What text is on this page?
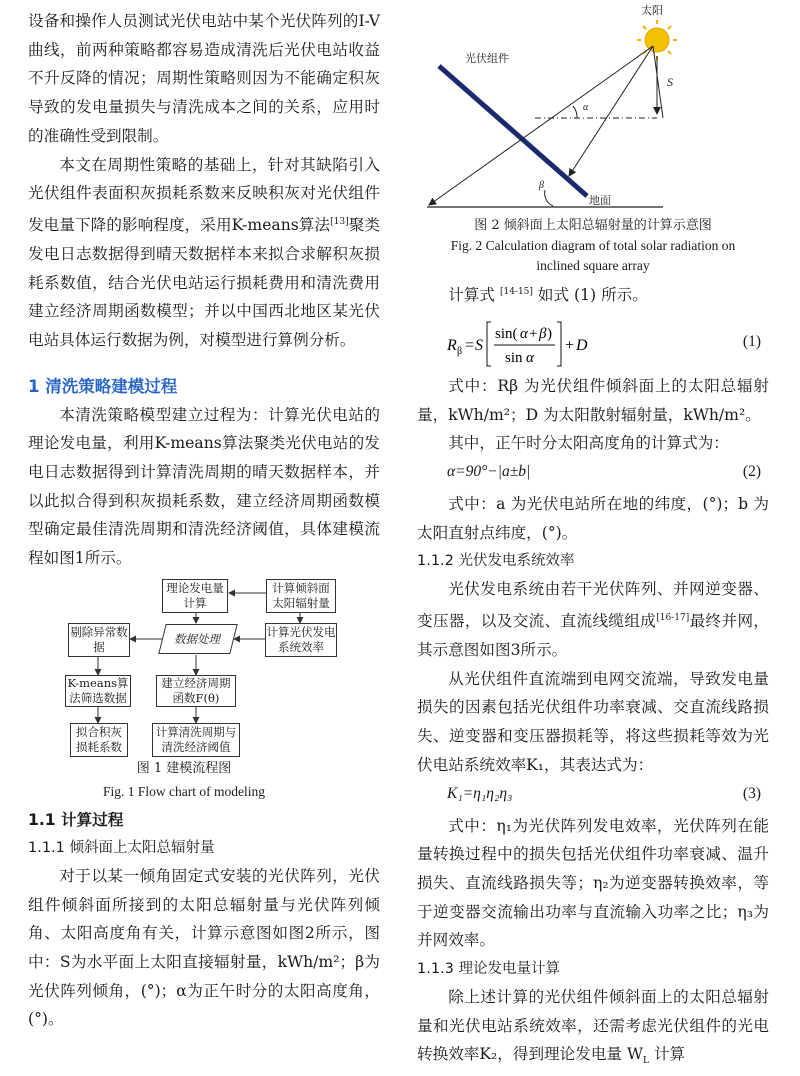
设备和操作人员测试光伏电站中某个光伏阵列的I-V曲线，前两种策略都容易造成清洗后光伏电站收益不升反降的情况；周期性策略则因为不能确定积灰导致的发电量损失与清洗成本之间的关系，应用时的准确性受到限制。

本文在周期性策略的基础上，针对其缺陷引入光伏组件表面积灰损耗系数来反映积灰对光伏组件发电量下降的影响程度，采用K-means算法[13]聚类发电日志数据得到晴天数据样本来拟合求解积灰损耗系数值，结合光伏电站运行损耗费用和清洗费用建立经济周期函数模型；并以中国西北地区某光伏电站具体运行数据为例，对模型进行算例分析。

1 清洗策略建模过程

本清洗策略模型建立过程为：计算光伏电站的理论发电量，利用K-means算法聚类光伏电站的发电日志数据得到计算清洗周期的晴天数据样本，并以此拟合得到积灰损耗系数，建立经济周期函数模型确定最佳清洗周期和清洗经济阈值，具体建模流程如图1所示。

理论发电量计算
计算倾斜面太阳辐射量
剔除异常数据
数据处理	计算光伏发电系统效率
K-means算法筛选数据
建立经济周期函数F(θ)
拟合积灰损耗系数
计算清洗周期与清洗经济阈值
图 1 建模流程图

Fig. 1 Flow chart of modeling

1.1 计算过程
1.1.1 倾斜面上太阳总辐射量

对于以某一倾角固定式安装的光伏阵列，光伏组件倾斜面所接到的太阳总辐射量与光伏阵列倾角、太阳高度角有关，计算示意图如图2所示，图中：S为水平面上太阳直接辐射量，kWh/m²；β为光伏阵列倾角，(°)；α为正午时分的太阳高度角，(°)。

太阳
光伏组件
地面
S
α
β

图 2 倾斜面上太阳总辐射量的计算示意图

Fig. 2 Calculation diagram of total solar radiation on

inclined square array

计算式 [14-15] 如式 (1) 所示。

R β = S
sin( α + β )
sin α
+ D	(1)

式中：Rβ 为光伏组件倾斜面上的太阳总辐射量，kWh/m²；D 为太阳散射辐射量，kWh/m²。

其中，正午时分太阳高度角的计算式为：

α=90°−|a±b|	(2)

式中：a 为光伏电站所在地的纬度，(°)；b 为太阳直射点纬度，(°)。

1.1.2 光伏发电系统效率

光伏发电系统由若干光伏阵列、并网逆变器、变压器，以及交流、直流线缆组成[16-17]最终并网，其示意图如图3所示。

从光伏组件直流端到电网交流端，导致发电量损失的因素包括光伏组件功率衰减、交直流线路损失、逆变器和变压器损耗等，将这些损耗等效为光伏电站系统效率K₁，其表达式为：

K₁=η₁η₂η₃	(3)

式中：η₁为光伏阵列发电效率，光伏阵列在能量转换过程中的损失包括光伏组件功率衰减、温升损失、直流线路损失等；η₂为逆变器转换效率，等于逆变器交流输出功率与直流输入功率之比；η₃为并网效率。

1.1.3 理论发电量计算

除上述计算的光伏组件倾斜面上的太阳总辐射量和光伏电站系统效率，还需考虑光伏组件的光电转换效率K₂，得到理论发电量 $W_L$ 计算
